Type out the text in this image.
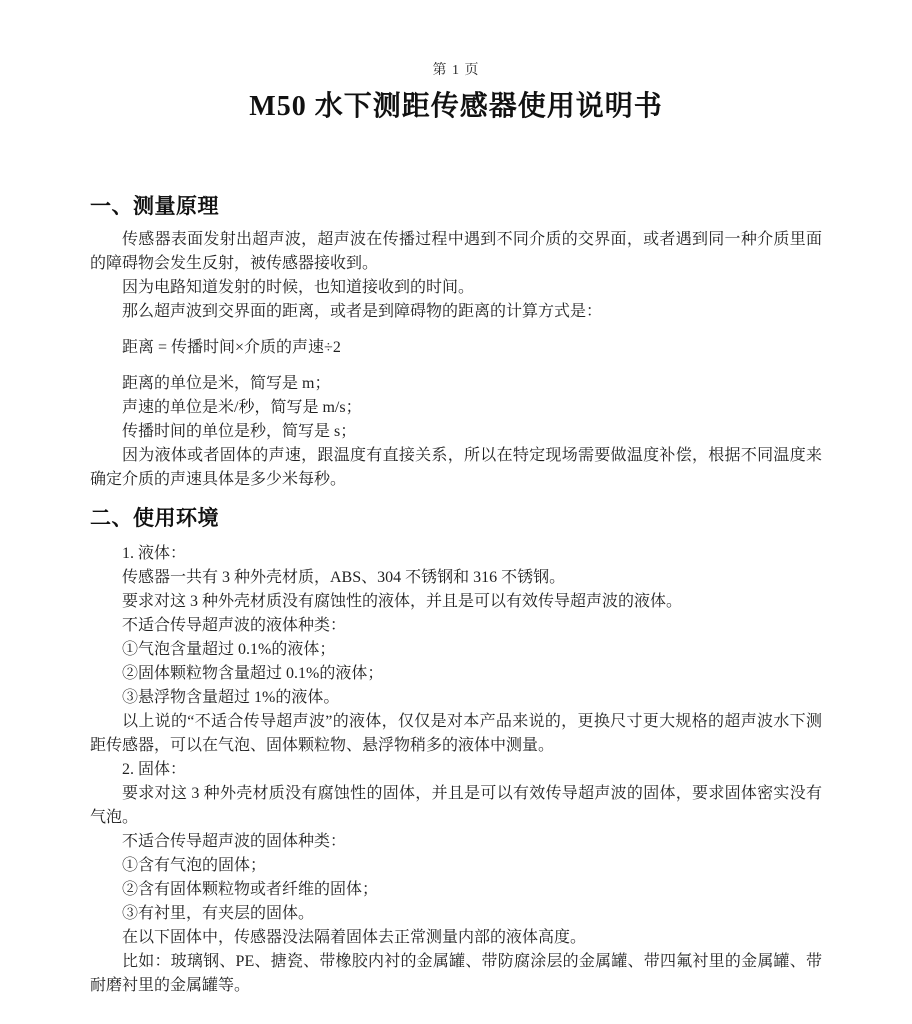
第 1 页
M50 水下测距传感器使用说明书
一、测量原理

传感器表面发射出超声波，超声波在传播过程中遇到不同介质的交界面，或者遇到同一种介质里面的障碍物会发生反射，被传感器接收到。

因为电路知道发射的时候，也知道接收到的时间。

那么超声波到交界面的距离，或者是到障碍物的距离的计算方式是：

距离 = 传播时间×介质的声速÷2

距离的单位是米，简写是 m；

声速的单位是米/秒，简写是 m/s；

传播时间的单位是秒，简写是 s；

因为液体或者固体的声速，跟温度有直接关系，所以在特定现场需要做温度补偿，根据不同温度来确定介质的声速具体是多少米每秒。

二、使用环境

1. 液体：

传感器一共有 3 种外壳材质，ABS、304 不锈钢和 316 不锈钢。

要求对这 3 种外壳材质没有腐蚀性的液体，并且是可以有效传导超声波的液体。

不适合传导超声波的液体种类：

①气泡含量超过 0.1%的液体；

②固体颗粒物含量超过 0.1%的液体；

③悬浮物含量超过 1%的液体。

以上说的“不适合传导超声波”的液体，仅仅是对本产品来说的，更换尺寸更大规格的超声波水下测距传感器，可以在气泡、固体颗粒物、悬浮物稍多的液体中测量。

2. 固体：

要求对这 3 种外壳材质没有腐蚀性的固体，并且是可以有效传导超声波的固体，要求固体密实没有气泡。

不适合传导超声波的固体种类：

①含有气泡的固体；

②含有固体颗粒物或者纤维的固体；

③有衬里，有夹层的固体。

在以下固体中，传感器没法隔着固体去正常测量内部的液体高度。

比如：玻璃钢、PE、搪瓷、带橡胶内衬的金属罐、带防腐涂层的金属罐、带四氟衬里的金属罐、带耐磨衬里的金属罐等。
